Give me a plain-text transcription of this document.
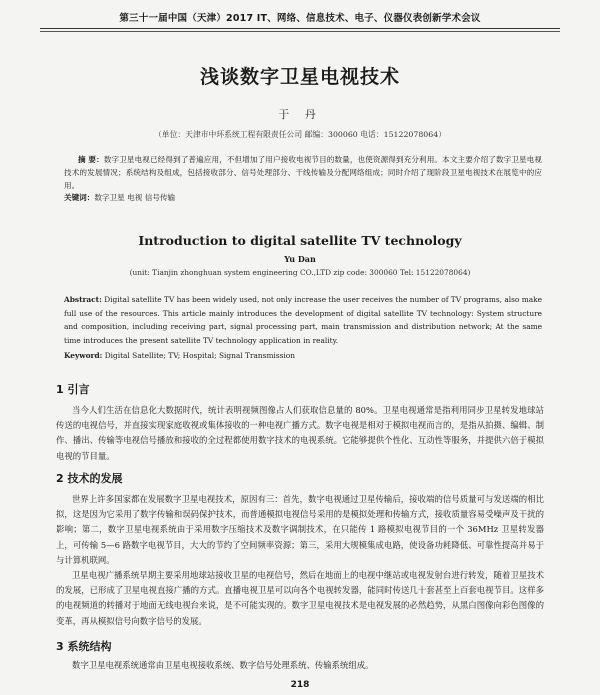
第三十一届中国（天津）2017 IT、网络、信息技术、电子、仪器仪表创新学术会议
浅谈数字卫星电视技术
于 丹
（单位：天津市中环系统工程有限责任公司 邮编：300060 电话：15122078064）
摘 要：数字卫星电视已经得到了普遍应用，不但增加了用户接收电视节目的数量，也使资源得到充分利用。本文主要介绍了数字卫星电视技术的发展情况；系统结构及组成，包括接收部分、信号处理部分、干线传输及分配网络组成；同时介绍了现阶段卫星电视技术在展览中的应用。
关键词：数字卫星 电视 信号传输
Introduction to digital satellite TV technology
Yu Dan
(unit: Tianjin zhonghuan system engineering CO.,LTD zip code: 300060 Tel: 15122078064)
Abstract: Digital satellite TV has been widely used, not only increase the user receives the number of TV programs, also make full use of the resources. This article mainly introduces the development of digital satellite TV technology: System structure and composition, including receiving part, signal processing part, main transmission and distribution network; At the same time introduces the present satellite TV technology application in reality.
Keyword: Digital Satellite; TV; Hospital; Signal Transmission
1 引言
当今人们生活在信息化大数据时代，统计表明视频图像占人们获取信息量的 80%。卫星电视通常是指利用同步卫星转发地球站传送的电视信号，并直接实现家庭收视或集体接收的一种电视广播方式。数字电视是相对于模拟电视而言的，是指从拍摄、编辑、制作、播出、传输等电视信号播放和接收的全过程都使用数字技术的电视系统。它能够提供个性化、互动性等服务，并提供六倍于模拟电视的节目量。
2 技术的发展
世界上许多国家都在发展数字卫星电视技术，原因有三：首先，数字电视通过卫星传输后，接收端的信号质量可与发送端的相比拟，这是因为它采用了数字传输和误码保护技术，而普通模拟电视信号采用的是模拟处理和传输方式，接收质量容易受噪声及干扰的影响；第二，数字卫星电视系统由于采用数字压缩技术及数字调制技术，在只能传 1 路模拟电视节目的一个 36MHz 卫星转发器上，可传输 5—6 路数字电视节目，大大的节约了空间频率资源；第三，采用大规模集成电路，使设备功耗降低、可靠性提高并易于与计算机联网。
卫星电视广播系统早期主要采用地球站接收卫星的电视信号，然后在地面上的电视中继站或电视发射台进行转发，随着卫星技术的发展，已形成了卫星电视直接广播的方式。直播电视卫星可以向各个电视转发器，能同时传送几十套甚至上百套电视节目。这样多的电视频道的转播对于地面无线电视台来说，是不可能实现的。数字卫星电视技术是电视发展的必然趋势，从黑白图像向彩色图像的变革，再从模拟信号向数字信号的发展。
3 系统结构
数字卫星电视系统通常由卫星电视接收系统、数字信号处理系统、传输系统组成。
218
